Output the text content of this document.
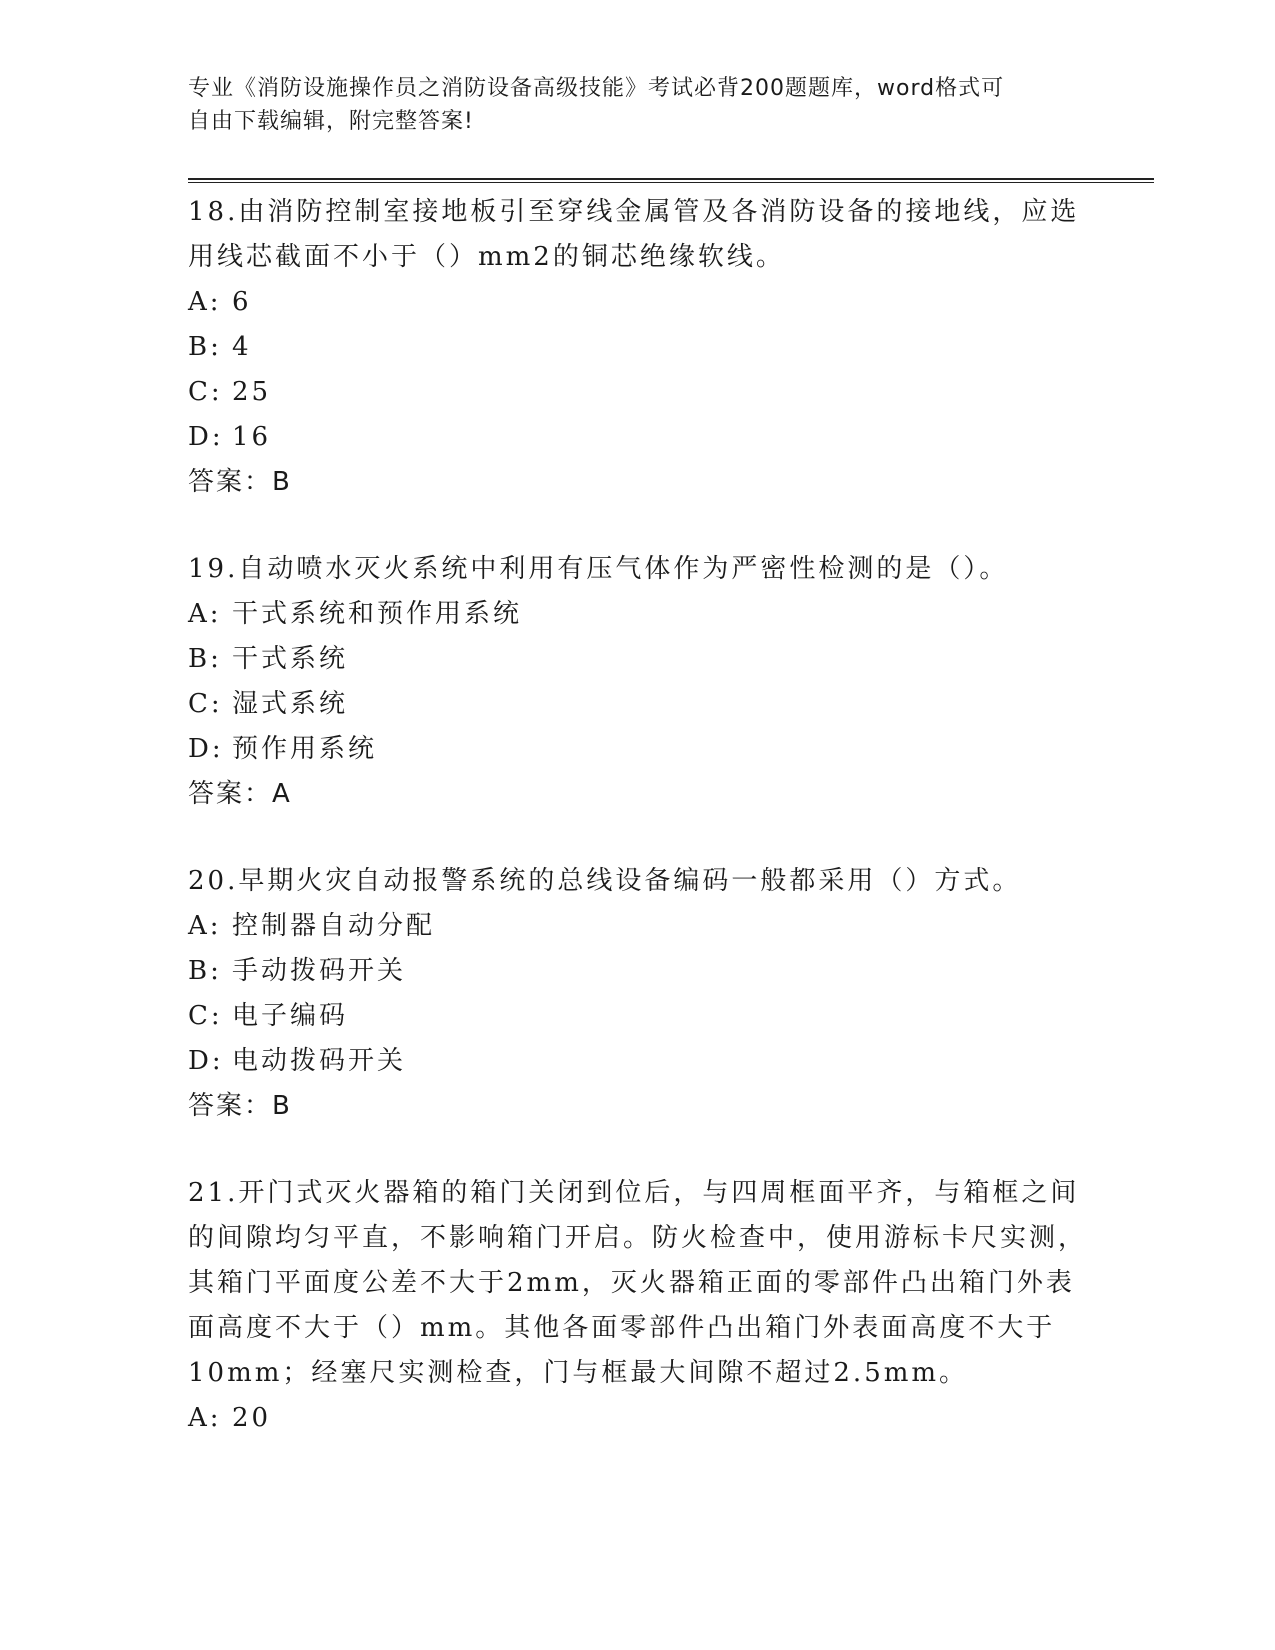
专业《消防设施操作员之消防设备高级技能》考试必背200题题库，word格式可
自由下载编辑，附完整答案!

18.由消防控制室接地板引至穿线金属管及各消防设备的接地线，应选用线芯截面不小于（）mm2的铜芯绝缘软线。

A: 6
B: 4
C: 25
D: 16
答案：B

19.自动喷水灭火系统中利用有压气体作为严密性检测的是（）。

A: 干式系统和预作用系统
B: 干式系统
C: 湿式系统
D: 预作用系统
答案：A

20.早期火灾自动报警系统的总线设备编码一般都采用（）方式。

A: 控制器自动分配
B: 手动拨码开关
C: 电子编码
D: 电动拨码开关
答案：B

21.开门式灭火器箱的箱门关闭到位后，与四周框面平齐，与箱框之间的间隙均匀平直，不影响箱门开启。防火检查中，使用游标卡尺实测，其箱门平面度公差不大于2mm，灭火器箱正面的零部件凸出箱门外表面高度不大于（）mm。其他各面零部件凸出箱门外表面高度不大于10mm；经塞尺实测检查，门与框最大间隙不超过2.5mm。

A: 20
